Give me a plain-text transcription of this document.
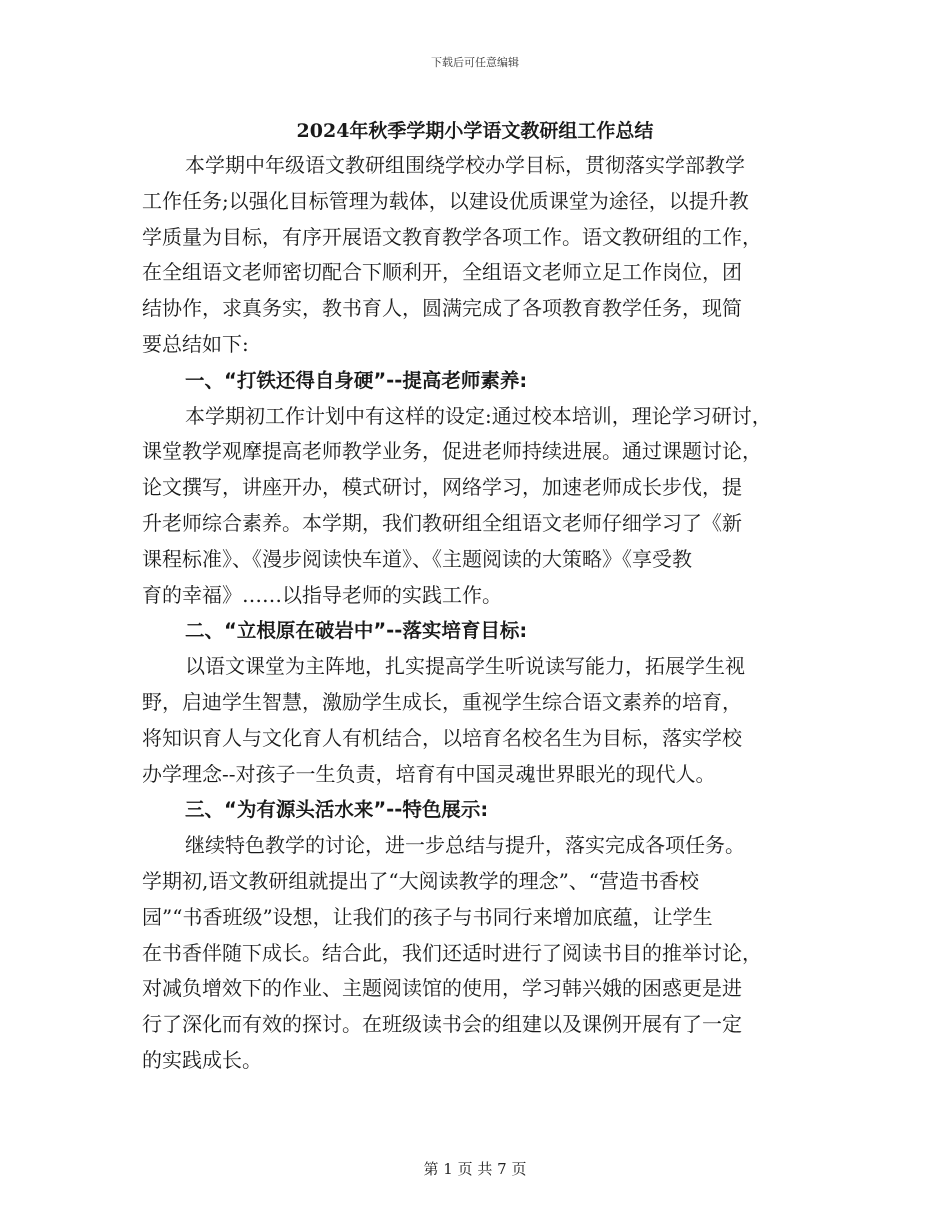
下载后可任意编辑
2024年秋季学期小学语文教研组工作总结
本学期中年级语文教研组围绕学校办学目标，贯彻落实学部教学
工作任务;以强化目标管理为载体，以建设优质课堂为途径，以提升教
学质量为目标，有序开展语文教育教学各项工作。语文教研组的工作，
在全组语文老师密切配合下顺利开，全组语文老师立足工作岗位，团
结协作，求真务实，教书育人，圆满完成了各项教育教学任务，现简
要总结如下:
一、“打铁还得自身硬”--提高老师素养:
本学期初工作计划中有这样的设定:通过校本培训，理论学习研讨，
课堂教学观摩提高老师教学业务，促进老师持续进展。通过课题讨论，
论文撰写，讲座开办，模式研讨，网络学习，加速老师成长步伐，提
升老师综合素养。本学期，我们教研组全组语文老师仔细学习了《新
课程标准》、《漫步阅读快车道》、《主题阅读的大策略》《享受教
育的幸福》……以指导老师的实践工作。
二、“立根原在破岩中”--落实培育目标:
以语文课堂为主阵地，扎实提高学生听说读写能力，拓展学生视
野，启迪学生智慧，激励学生成长，重视学生综合语文素养的培育，
将知识育人与文化育人有机结合，以培育名校名生为目标，落实学校
办学理念--对孩子一生负责，培育有中国灵魂世界眼光的现代人。
三、“为有源头活水来”--特色展示:
继续特色教学的讨论，进一步总结与提升，落实完成各项任务。
学期初,语文教研组就提出了“大阅读教学的理念”、“营造书香校
园”“书香班级”设想，让我们的孩子与书同行来增加底蕴，让学生
在书香伴随下成长。结合此，我们还适时进行了阅读书目的推举讨论，
对减负增效下的作业、主题阅读馆的使用，学习韩兴娥的困惑更是进
行了深化而有效的探讨。在班级读书会的组建以及课例开展有了一定
的实践成长。
第 1 页 共 7 页
